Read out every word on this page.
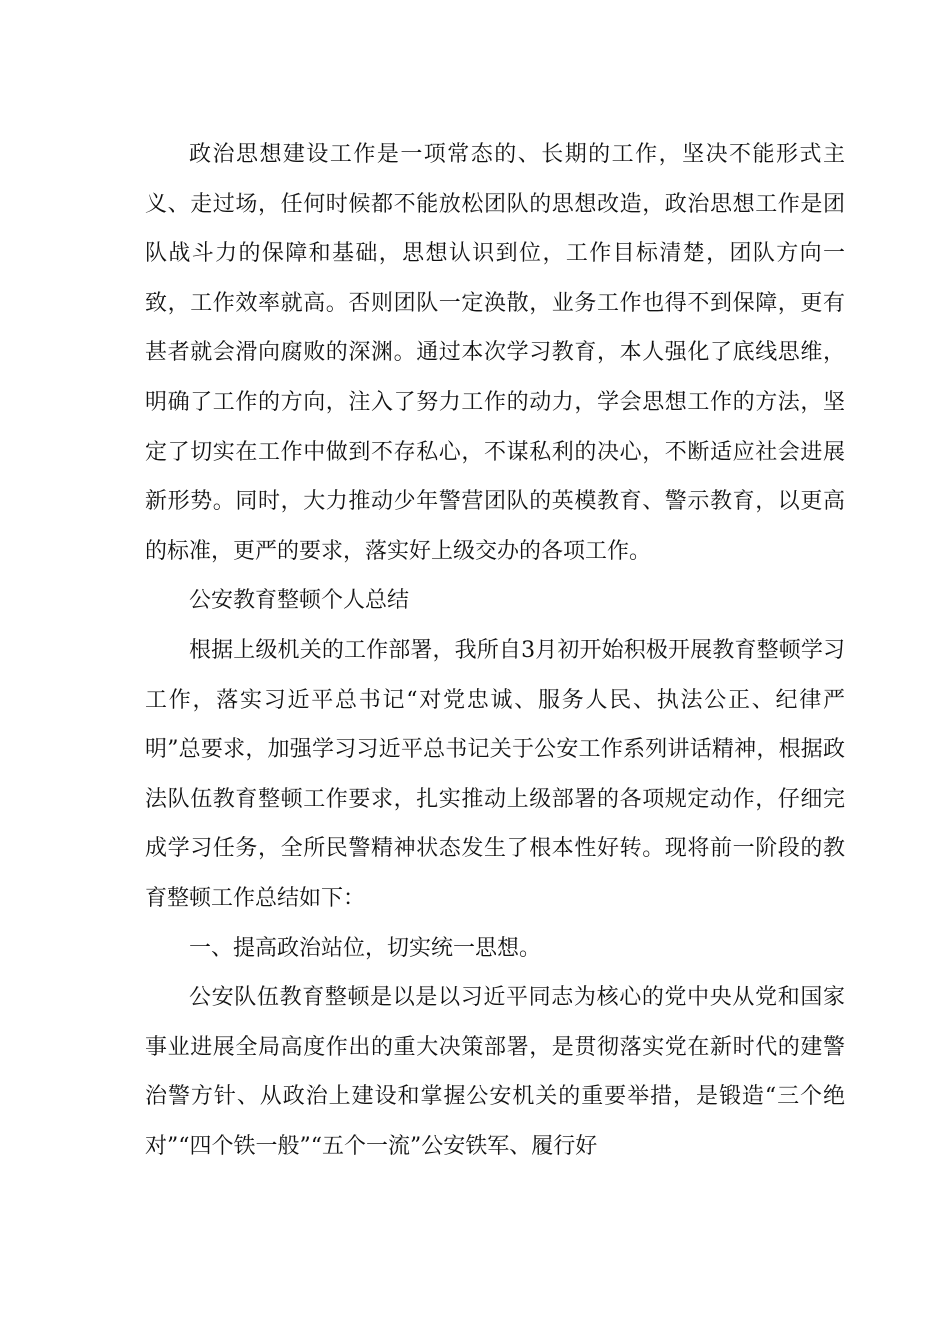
政治思想建设工作是一项常态的、长期的工作，坚决不能形式主义、走过场，任何时候都不能放松团队的思想改造，政治思想工作是团队战斗力的保障和基础，思想认识到位，工作目标清楚，团队方向一致，工作效率就高。否则团队一定涣散，业务工作也得不到保障，更有甚者就会滑向腐败的深渊。通过本次学习教育，本人强化了底线思维，明确了工作的方向，注入了努力工作的动力，学会思想工作的方法，坚定了切实在工作中做到不存私心，不谋私利的决心，不断适应社会进展新形势。同时，大力推动少年警营团队的英模教育、警示教育，以更高的标准，更严的要求，落实好上级交办的各项工作。

公安教育整顿个人总结

根据上级机关的工作部署，我所自3月初开始积极开展教育整顿学习工作，落实习近平总书记“对党忠诚、服务人民、执法公正、纪律严明”总要求，加强学习习近平总书记关于公安工作系列讲话精神，根据政法队伍教育整顿工作要求，扎实推动上级部署的各项规定动作，仔细完成学习任务，全所民警精神状态发生了根本性好转。现将前一阶段的教育整顿工作总结如下：

一、提高政治站位，切实统一思想。

公安队伍教育整顿是以是以习近平同志为核心的党中央从党和国家事业进展全局高度作出的重大决策部署，是贯彻落实党在新时代的建警治警方针、从政治上建设和掌握公安机关的重要举措，是锻造“三个绝对”“四个铁一般”“五个一流”公安铁军、履行好
